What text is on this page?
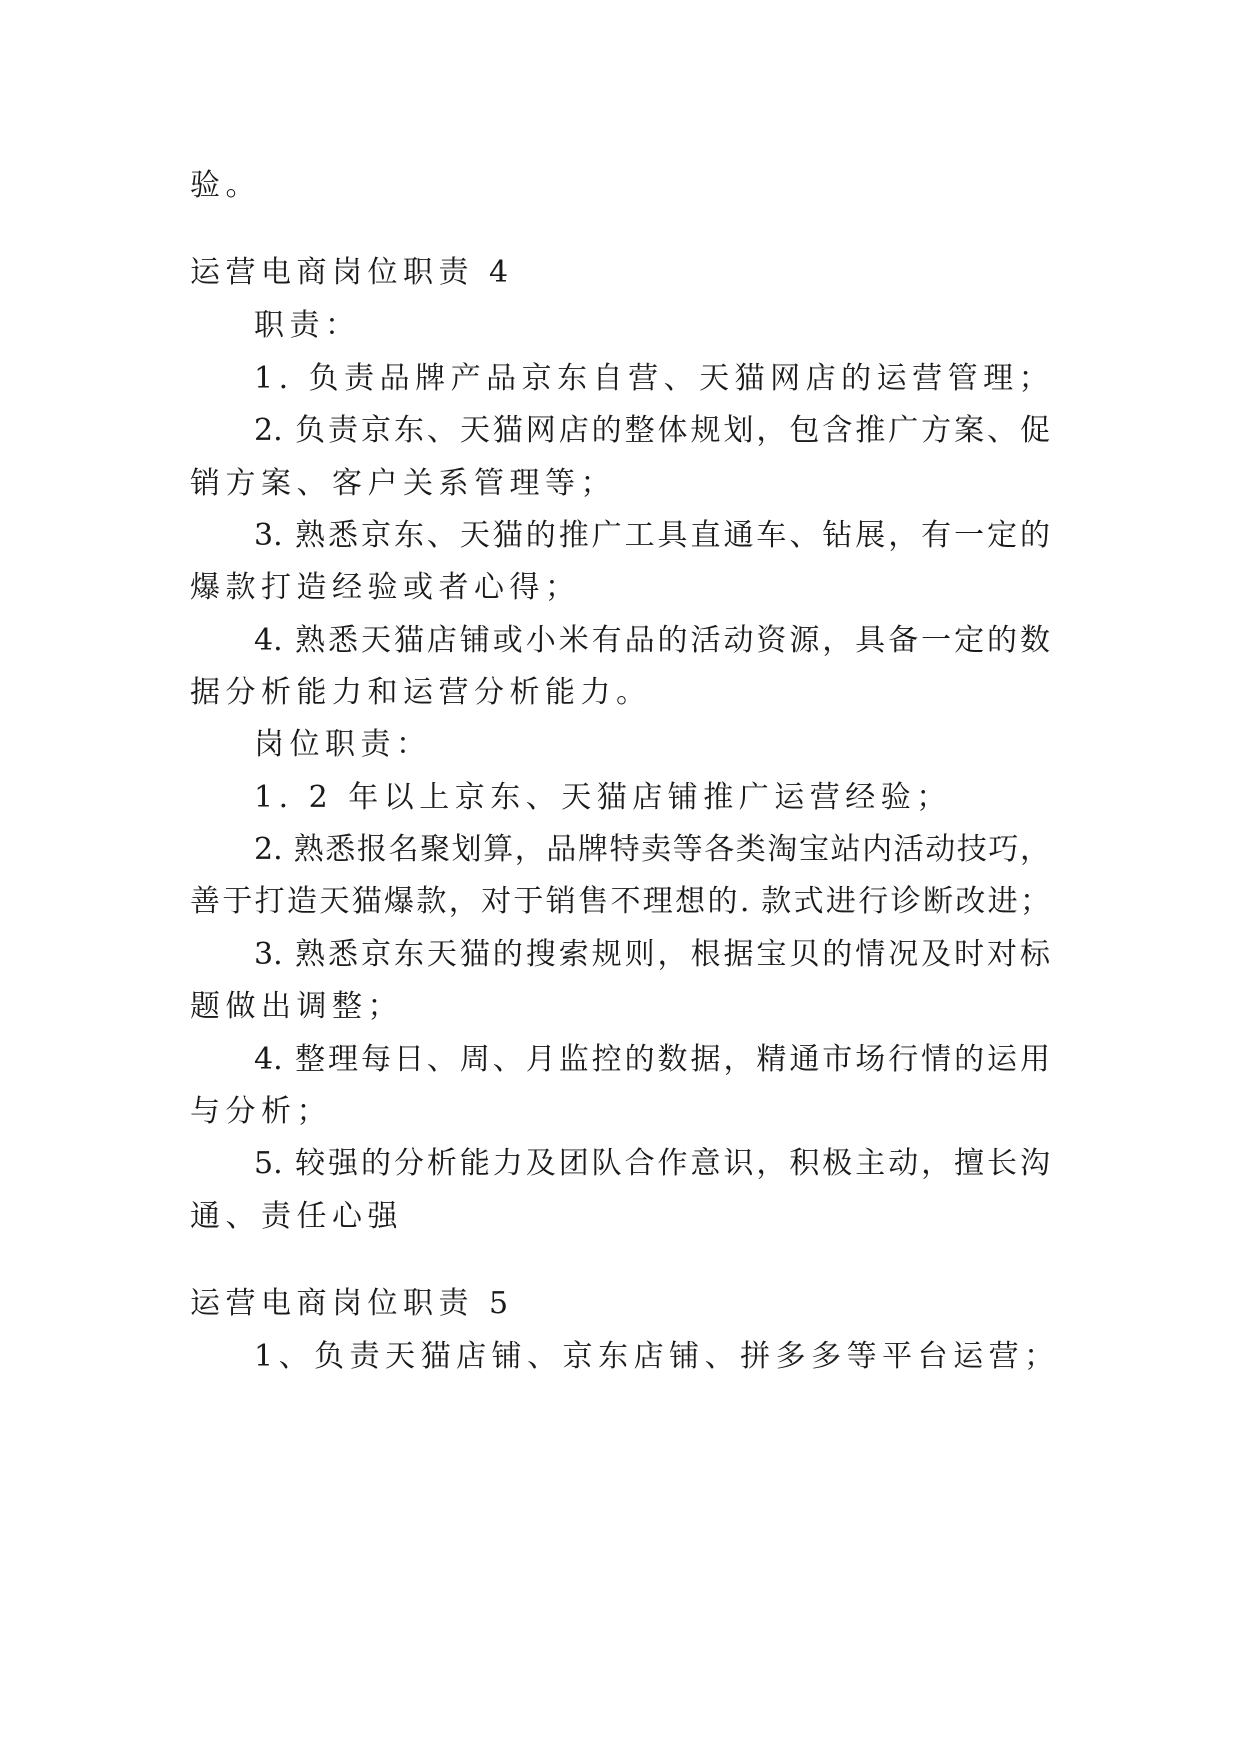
验。
运营电商岗位职责 4
职责：
1. 负责品牌产品京东自营、天猫网店的运营管理；
2. 负责京东、天猫网店的整体规划，包含推广方案、促
销方案、客户关系管理等；
3. 熟悉京东、天猫的推广工具直通车、钻展，有一定的
爆款打造经验或者心得；
4. 熟悉天猫店铺或小米有品的活动资源，具备一定的数
据分析能力和运营分析能力。
岗位职责：
1. 2 年以上京东、天猫店铺推广运营经验；
2. 熟悉报名聚划算，品牌特卖等各类淘宝站内活动技巧，
善于打造天猫爆款，对于销售不理想的. 款式进行诊断改进；
3. 熟悉京东天猫的搜索规则，根据宝贝的情况及时对标
题做出调整；
4. 整理每日、周、月监控的数据，精通市场行情的运用
与分析；
5. 较强的分析能力及团队合作意识，积极主动，擅长沟
通、责任心强
运营电商岗位职责 5
1、负责天猫店铺、京东店铺、拼多多等平台运营；
